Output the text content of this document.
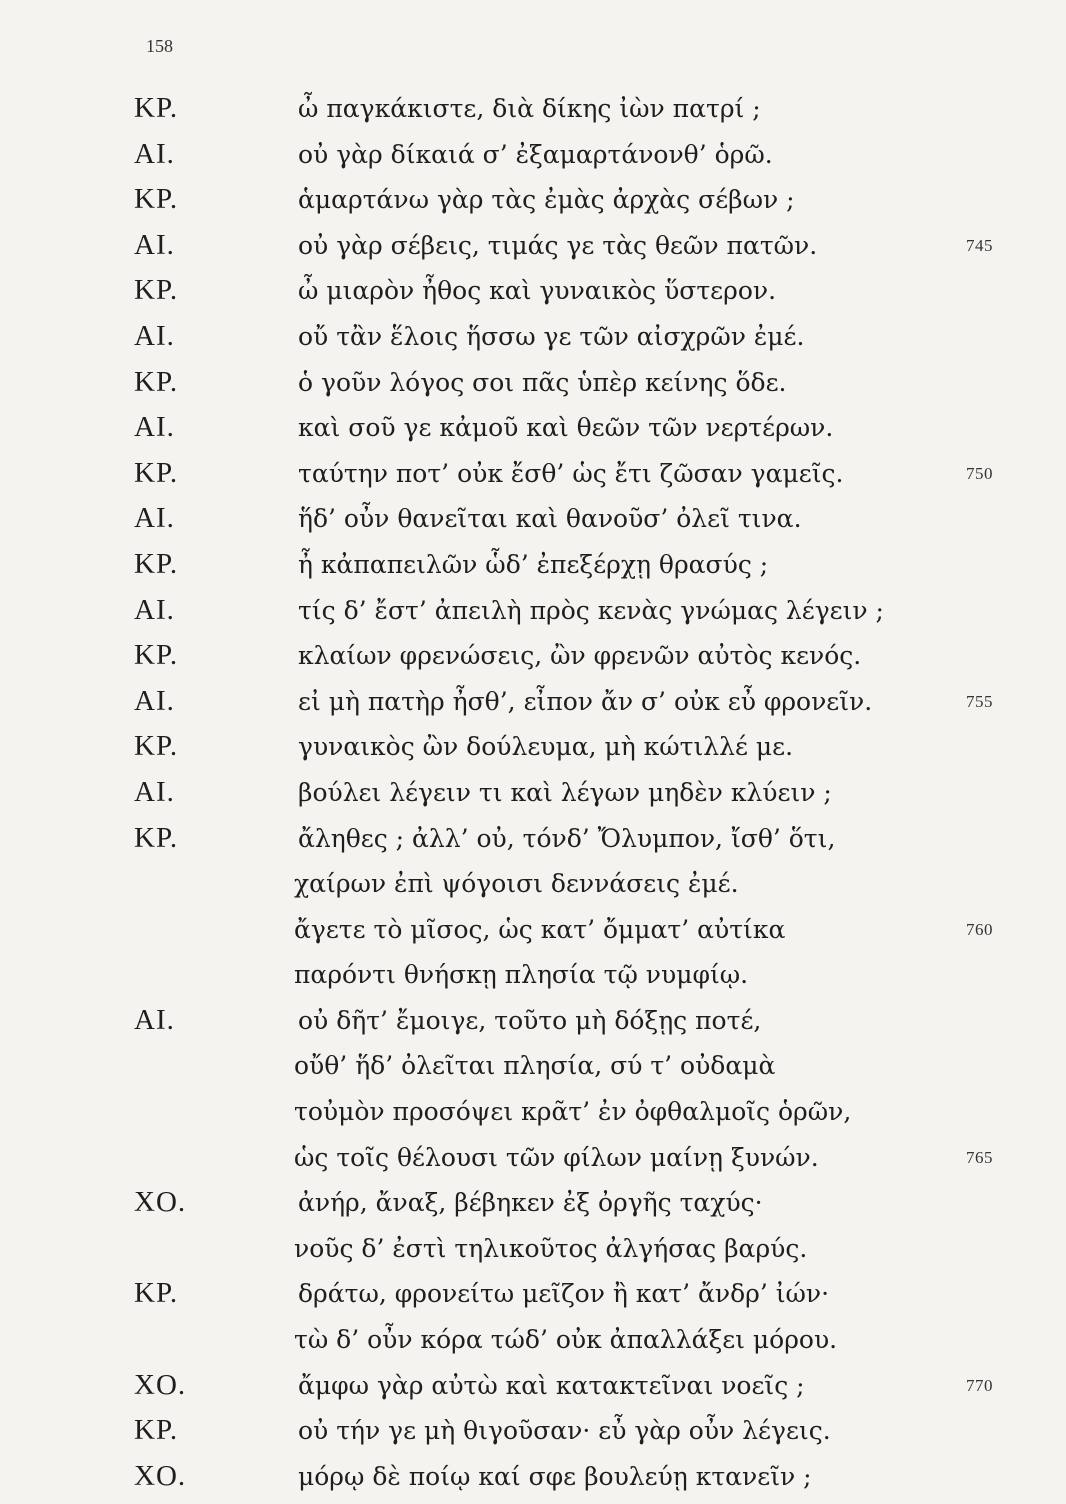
158
ΚΡ.	ὦ παγκάκιστε, διὰ δίκης ἰὼν πατρί ;
ΑΙ.	οὐ γὰρ δίκαιά σ’ ἐξαμαρτάνονθ’ ὁρῶ.
ΚΡ.	ἁμαρτάνω γὰρ τὰς ἐμὰς ἀρχὰς σέβων ;
ΑΙ.	οὐ γὰρ σέβεις, τιμάς γε τὰς θεῶν πατῶν.	745
ΚΡ.	ὦ μιαρὸν ἦθος καὶ γυναικὸς ὕστερον.
ΑΙ.	οὔ τἂν ἕλοις ἥσσω γε τῶν αἰσχρῶν ἐμέ.
ΚΡ.	ὁ γοῦν λόγος σοι πᾶς ὑπὲρ κείνης ὅδε.
ΑΙ.	καὶ σοῦ γε κἀμοῦ καὶ θεῶν τῶν νερτέρων.
ΚΡ.	ταύτην ποτ’ οὐκ ἔσθ’ ὡς ἔτι ζῶσαν γαμεῖς.	750
ΑΙ.	ἥδ’ οὖν θανεῖται καὶ θανοῦσ’ ὀλεῖ τινα.
ΚΡ.	ἦ κἀπαπειλῶν ὧδ’ ἐπεξέρχῃ θρασύς ;
ΑΙ.	τίς δ’ ἔστ’ ἀπειλὴ πρὸς κενὰς γνώμας λέγειν ;
ΚΡ.	κλαίων φρενώσεις, ὢν φρενῶν αὐτὸς κενός.
ΑΙ.	εἰ μὴ πατὴρ ἦσθ’, εἶπον ἄν σ’ οὐκ εὖ φρονεῖν.	755
ΚΡ.	γυναικὸς ὢν δούλευμα, μὴ κώτιλλέ με.
ΑΙ.	βούλει λέγειν τι καὶ λέγων μηδὲν κλύειν ;
ΚΡ.	ἄληθες ; ἀλλ’ οὐ, τόνδ’ Ὄλυμπον, ἴσθ’ ὅτι,
χαίρων ἐπὶ ψόγοισι δεννάσεις ἐμέ.
ἄγετε τὸ μῖσος, ὡς κατ’ ὄμματ’ αὐτίκα	760
παρόντι θνήσκῃ πλησία τῷ νυμφίῳ.
ΑΙ.	οὐ δῆτ’ ἔμοιγε, τοῦτο μὴ δόξῃς ποτέ,
οὔθ’ ἥδ’ ὀλεῖται πλησία, σύ τ’ οὐδαμὰ
τοὐμὸν προσόψει κρᾶτ’ ἐν ὀφθαλμοῖς ὁρῶν,
ὡς τοῖς θέλουσι τῶν φίλων μαίνῃ ξυνών.	765
ΧΟ.	ἀνήρ, ἄναξ, βέβηκεν ἐξ ὀργῆς ταχύς·
νοῦς δ’ ἐστὶ τηλικοῦτος ἀλγήσας βαρύς.
ΚΡ.	δράτω, φρονείτω μεῖζον ἢ κατ’ ἄνδρ’ ἰών·
τὼ δ’ οὖν κόρα τώδ’ οὐκ ἀπαλλάξει μόρου.
ΧΟ.	ἄμφω γὰρ αὐτὼ καὶ κατακτεῖναι νοεῖς ;	770
ΚΡ.	οὐ τήν γε μὴ θιγοῦσαν· εὖ γὰρ οὖν λέγεις.
ΧΟ.	μόρῳ δὲ ποίῳ καί σφε βουλεύῃ κτανεῖν ;
